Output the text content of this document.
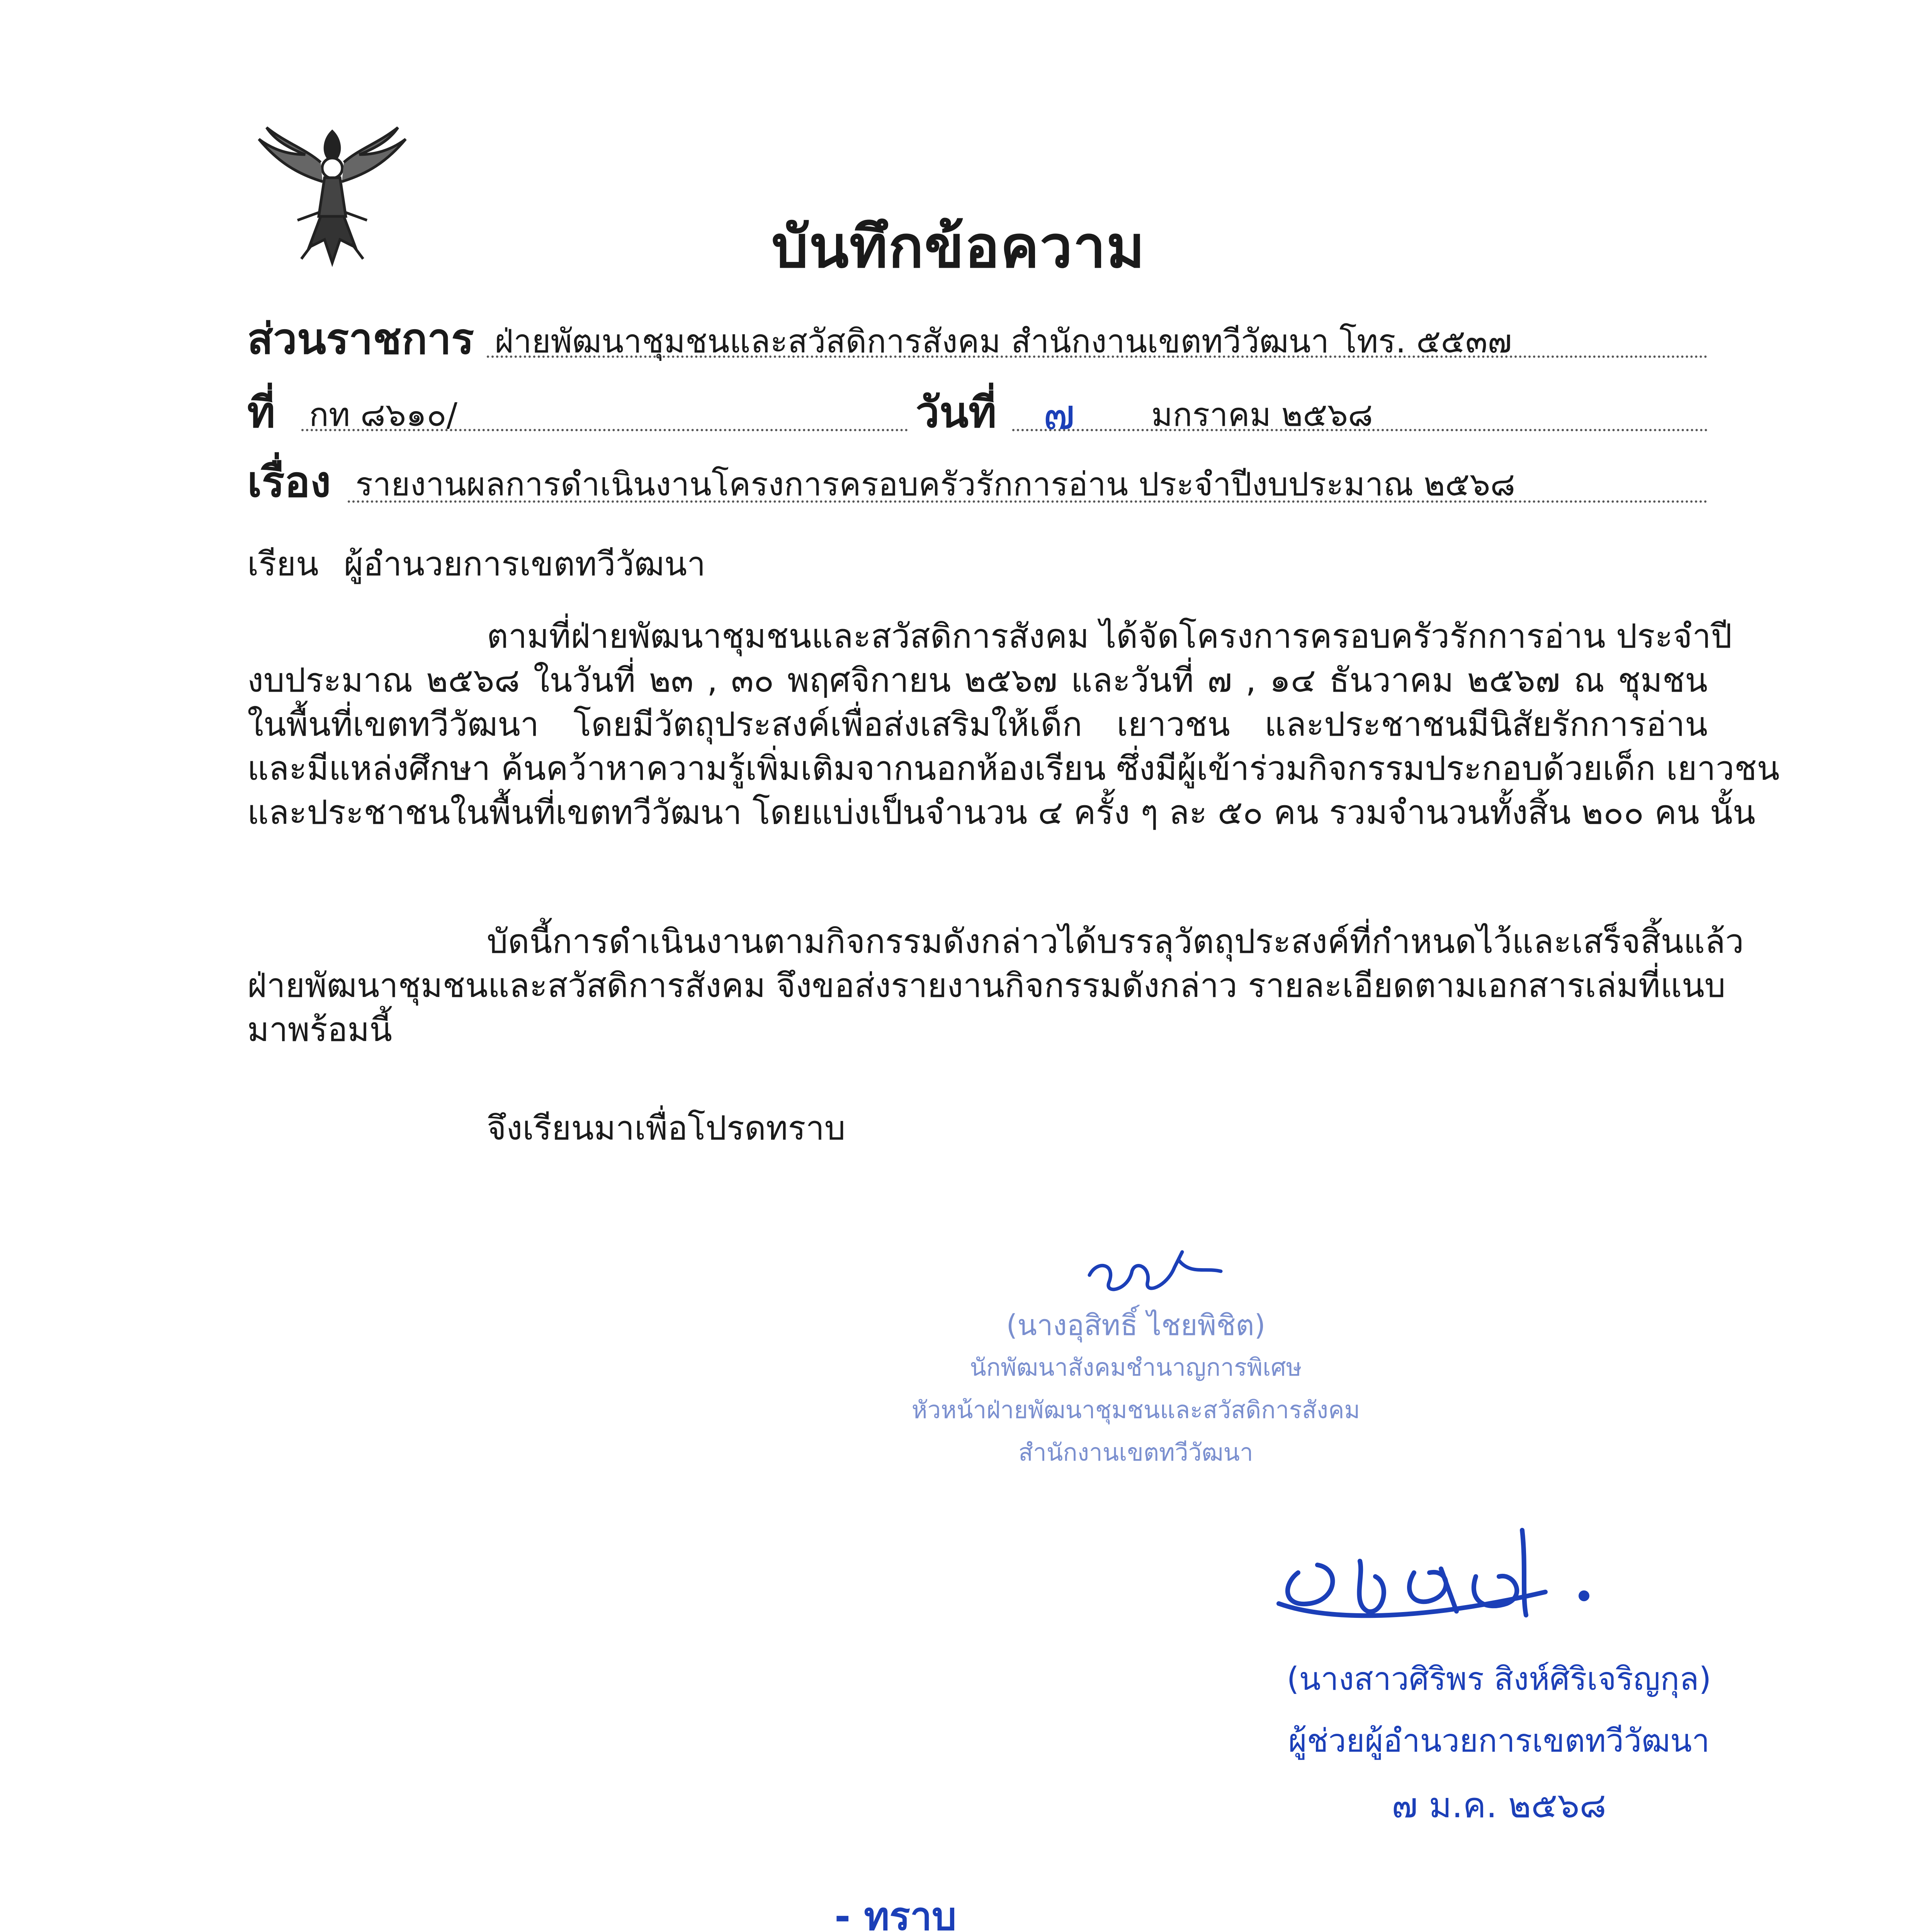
บันทึกข้อความ
ส่วนราชการ ฝ่ายพัฒนาชุมชนและสวัสดิการสังคม สำนักงานเขตทวีวัฒนา โทร. ๕๕๓๗
ที่ กท ๘๖๑๐/	วันที่ ๗ มกราคม ๒๕๖๘
เรื่อง รายงานผลการดำเนินงานโครงการครอบครัวรักการอ่าน ประจำปีงบประมาณ ๒๕๖๘
เรียน ผู้อำนวยการเขตทวีวัฒนา
ตามที่ฝ่ายพัฒนาชุมชนและสวัสดิการสังคม ได้จัดโครงการครอบครัวรักการอ่าน ประจำปี
งบประมาณ ๒๕๖๘ ในวันที่ ๒๓ , ๓๐ พฤศจิกายน ๒๕๖๗ และวันที่ ๗ , ๑๔ ธันวาคม ๒๕๖๗ ณ ชุมชน
ในพื้นที่เขตทวีวัฒนา โดยมีวัตถุประสงค์เพื่อส่งเสริมให้เด็ก เยาวชน และประชาชนมีนิสัยรักการอ่าน
และมีแหล่งศึกษา ค้นคว้าหาความรู้เพิ่มเติมจากนอกห้องเรียน ซึ่งมีผู้เข้าร่วมกิจกรรมประกอบด้วยเด็ก เยาวชน
และประชาชนในพื้นที่เขตทวีวัฒนา โดยแบ่งเป็นจำนวน ๔ ครั้ง ๆ ละ ๕๐ คน รวมจำนวนทั้งสิ้น ๒๐๐ คน นั้น
บัดนี้การดำเนินงานตามกิจกรรมดังกล่าวได้บรรลุวัตถุประสงค์ที่กำหนดไว้และเสร็จสิ้นแล้ว
ฝ่ายพัฒนาชุมชนและสวัสดิการสังคม จึงขอส่งรายงานกิจกรรมดังกล่าว รายละเอียดตามเอกสารเล่มที่แนบ
มาพร้อมนี้
จึงเรียนมาเพื่อโปรดทราบ
(นางอุสิทธิ์ ไชยพิชิต)
นักพัฒนาสังคมชำนาญการพิเศษ
หัวหน้าฝ่ายพัฒนาชุมชนและสวัสดิการสังคม
สำนักงานเขตทวีวัฒนา
(นางสาวศิริพร สิงห์ศิริเจริญกุล)
ผู้ช่วยผู้อำนวยการเขตทวีวัฒนา
๗ ม.ค. ๒๕๖๘
- ทราบ
